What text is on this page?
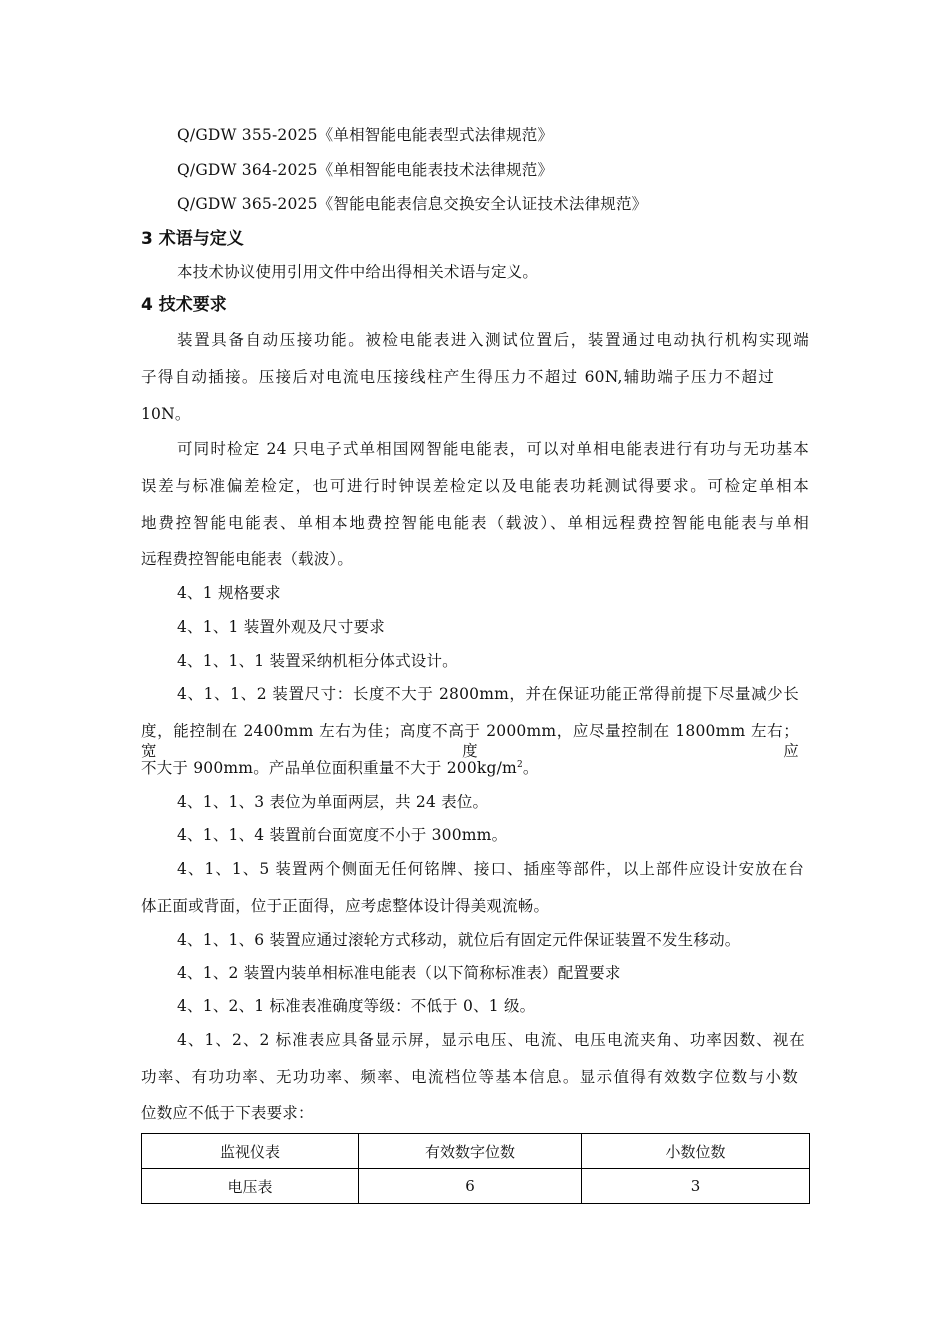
Q/GDW 355-2025《单相智能电能表型式法律规范》
Q/GDW 364-2025《单相智能电能表技术法律规范》
Q/GDW 365-2025《智能电能表信息交换安全认证技术法律规范》
3 术语与定义
本技术协议使用引用文件中给出得相关术语与定义。
4 技术要求
装置具备自动压接功能。被检电能表进入测试位置后，装置通过电动执行机构实现端
子得自动插接。压接后对电流电压接线柱产生得压力不超过 60N,辅助端子压力不超过
10N。
可同时检定 24 只电子式单相国网智能电能表，可以对单相电能表进行有功与无功基本
误差与标准偏差检定，也可进行时钟误差检定以及电能表功耗测试得要求。可检定单相本
地费控智能电能表、单相本地费控智能电能表（载波）、单相远程费控智能电能表与单相
远程费控智能电能表（载波）。
4、1 规格要求
4、1、1 装置外观及尺寸要求
4、1、1、1 装置采纳机柜分体式设计。
4、1、1、2 装置尺寸：长度不大于 2800mm，并在保证功能正常得前提下尽量减少长
度，能控制在 2400mm 左右为佳；高度不高于 2000mm，应尽量控制在 1800mm 左右；宽度应
不大于 900mm。产品单位面积重量不大于 $200kg/m^2$。
4、1、1、3 表位为单面两层，共 24 表位。
4、1、1、4 装置前台面宽度不小于 300mm。
4、1、1、5 装置两个侧面无任何铭牌、接口、插座等部件，以上部件应设计安放在台
体正面或背面，位于正面得，应考虑整体设计得美观流畅。
4、1、1、6 装置应通过滚轮方式移动，就位后有固定元件保证装置不发生移动。
4、1、2 装置内装单相标准电能表（以下简称标准表）配置要求
4、1、2、1 标准表准确度等级：不低于 0、1 级。
4、1、2、2 标准表应具备显示屏，显示电压、电流、电压电流夹角、功率因数、视在
功率、有功功率、无功功率、频率、电流档位等基本信息。显示值得有效数字位数与小数
位数应不低于下表要求：
监视仪表	有效数字位数	小数位数
电压表	6	3
